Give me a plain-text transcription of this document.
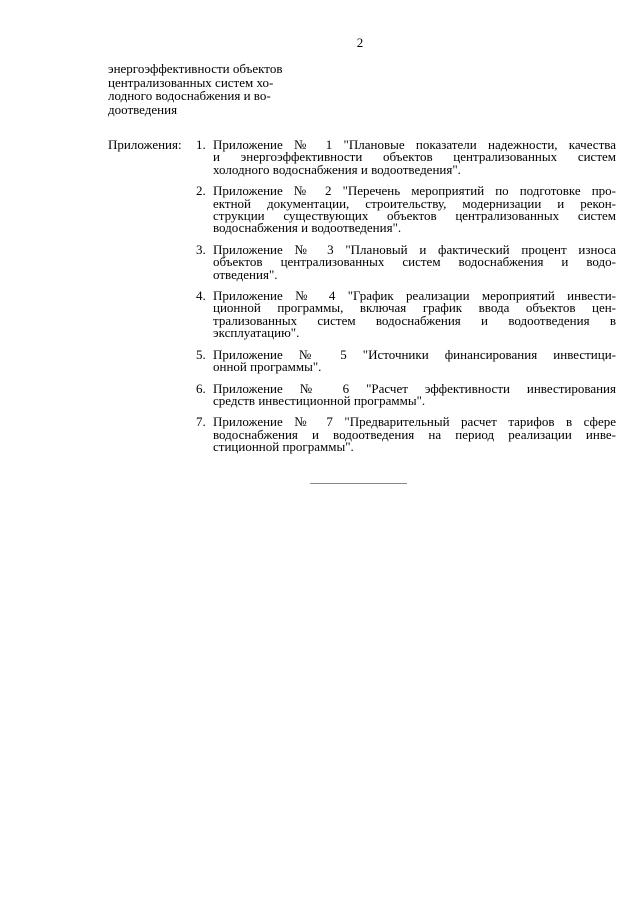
2
энергоэффективности объектов
централизованных систем хо-
лодного водоснабжения и во-
доотведения
Приложения: 1. Приложение № 1 "Плановые показатели надежности, качества
и энергоэффективности объектов централизованных систем
холодного водоснабжения и водоотведения".
2. Приложение № 2 "Перечень мероприятий по подготовке про-
ектной документации, строительству, модернизации и рекон-
струкции существующих объектов централизованных систем
водоснабжения и водоотведения".
3. Приложение № 3 "Плановый и фактический процент износа
объектов централизованных систем водоснабжения и водо-
отведения".
4. Приложение № 4 "График реализации мероприятий инвести-
ционной программы, включая график ввода объектов цен-
трализованных систем водоснабжения и водоотведения в
эксплуатацию".
5. Приложение № 5 "Источники финансирования инвестици-
онной программы".
6. Приложение № 6 "Расчет эффективности инвестирования
средств инвестиционной программы".
7. Приложение № 7 "Предварительный расчет тарифов в сфере
водоснабжения и водоотведения на период реализации инве-
стиционной программы".
